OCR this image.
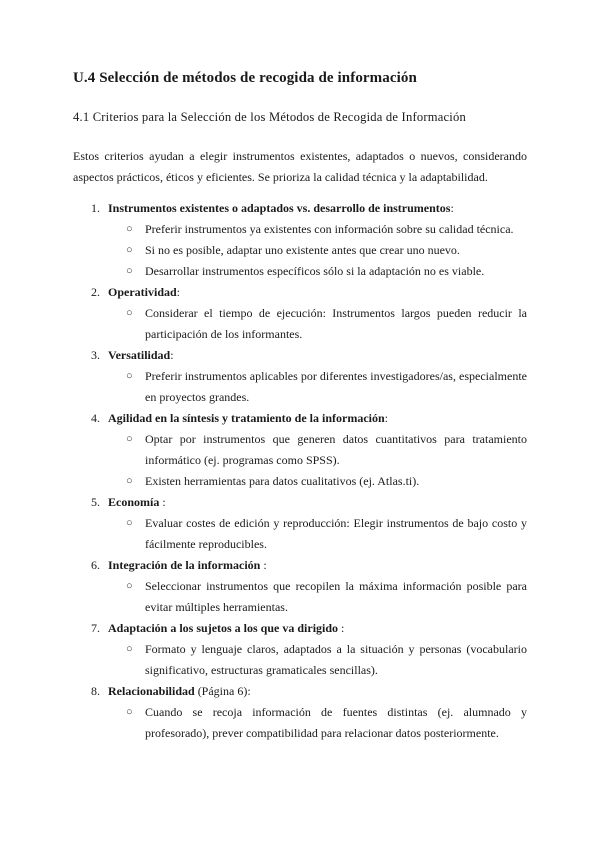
U.4 Selección de métodos de recogida de información
4.1 Criterios para la Selección de los Métodos de Recogida de Información

Estos criterios ayudan a elegir instrumentos existentes, adaptados o nuevos, considerando aspectos prácticos, éticos y eficientes. Se prioriza la calidad técnica y la adaptabilidad.

1. Instrumentos existentes o adaptados vs. desarrollo de instrumentos:
○ Preferir instrumentos ya existentes con información sobre su calidad técnica.
○ Si no es posible, adaptar uno existente antes que crear uno nuevo.
○ Desarrollar instrumentos específicos sólo si la adaptación no es viable.
2. Operatividad:
○ Considerar el tiempo de ejecución: Instrumentos largos pueden reducir la participación de los informantes.
3. Versatilidad:
○ Preferir instrumentos aplicables por diferentes investigadores/as, especialmente en proyectos grandes.
4. Agilidad en la síntesis y tratamiento de la información:
○ Optar por instrumentos que generen datos cuantitativos para tratamiento informático (ej. programas como SPSS).
○ Existen herramientas para datos cualitativos (ej. Atlas.ti).
5. Economía :
○ Evaluar costes de edición y reproducción: Elegir instrumentos de bajo costo y fácilmente reproducibles.
6. Integración de la información :
○ Seleccionar instrumentos que recopilen la máxima información posible para evitar múltiples herramientas.
7. Adaptación a los sujetos a los que va dirigido :
○ Formato y lenguaje claros, adaptados a la situación y personas (vocabulario significativo, estructuras gramaticales sencillas).
8. Relacionabilidad (Página 6):
○ Cuando se recoja información de fuentes distintas (ej. alumnado y profesorado), prever compatibilidad para relacionar datos posteriormente.
